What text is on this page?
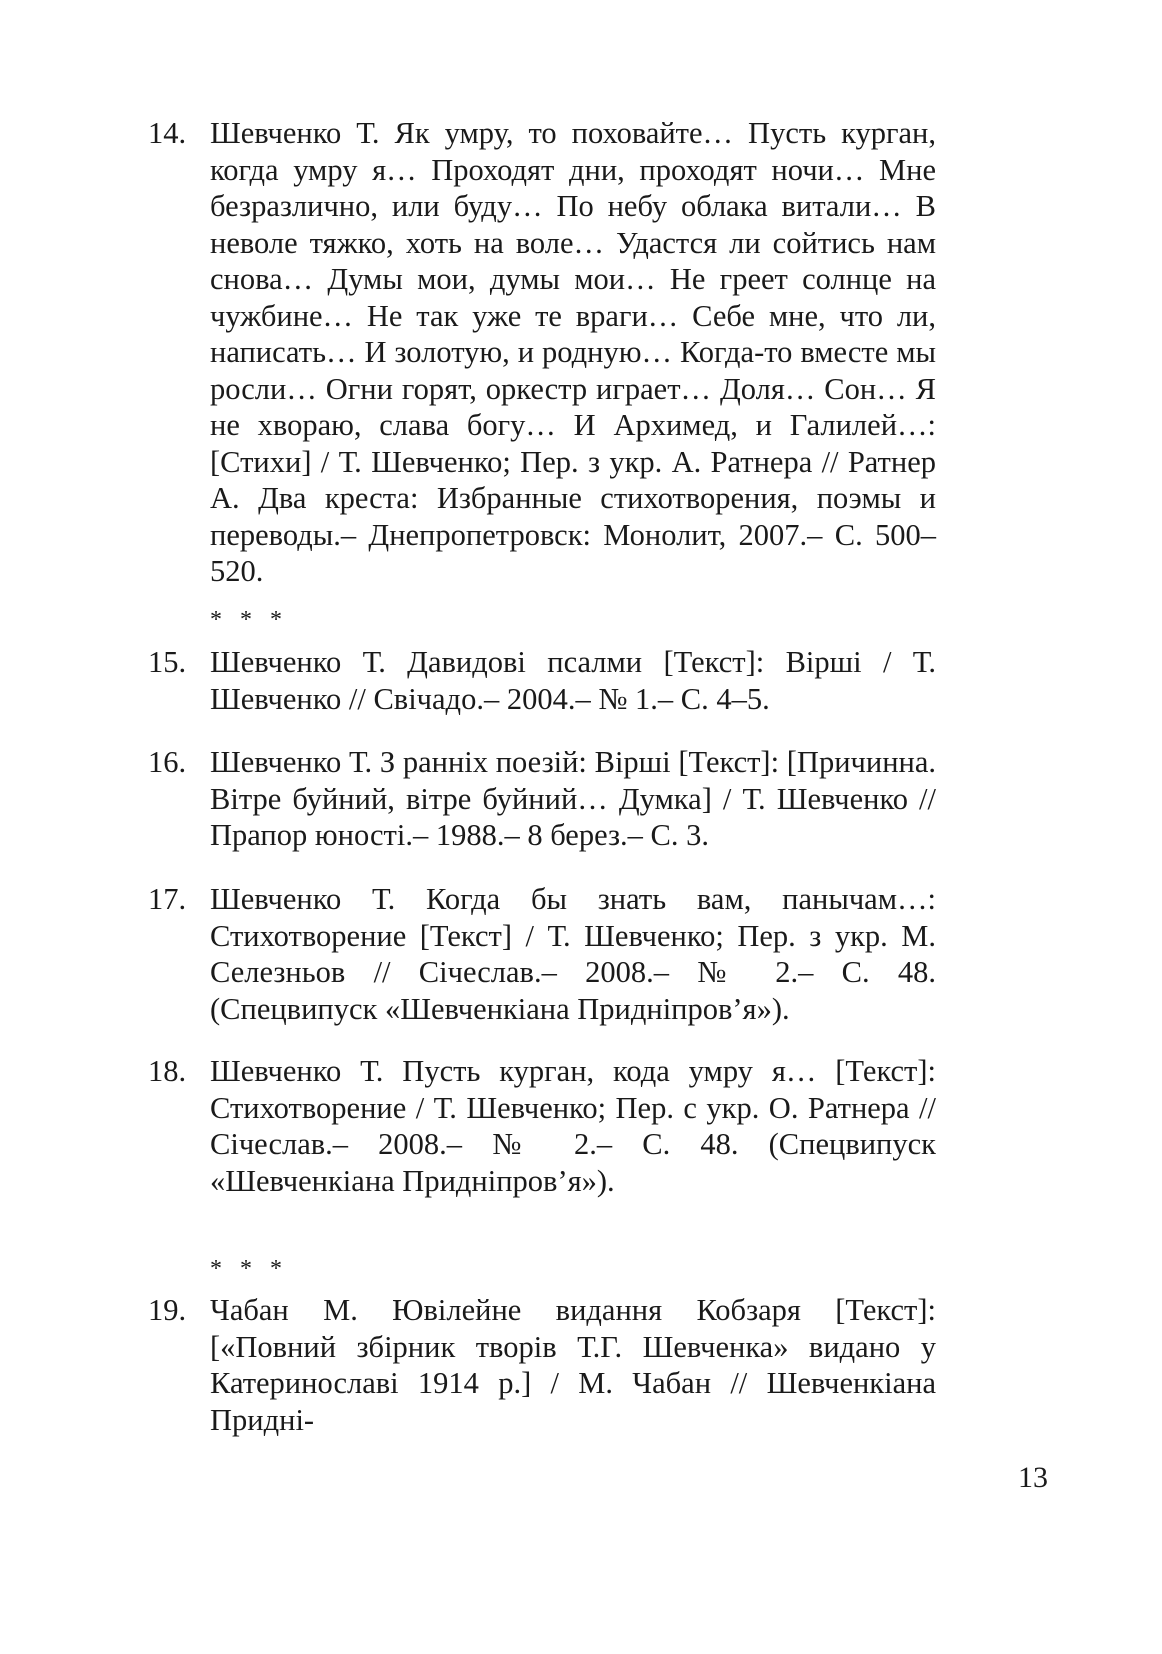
14. Шевченко Т. Як умру, то поховайте… Пусть курган, когда умру я… Проходят дни, проходят ночи… Мне безразлично, или буду… По небу облака витали… В неволе тяжко, хоть на воле… Удастся ли сойтись нам снова… Думы мои, думы мои… Не греет солнце на чужбине… Не так уже те враги… Себе мне, что ли, написать… И золотую, и родную… Когда-то вместе мы росли… Огни горят, оркестр играет… Доля… Сон… Я не хвораю, слава богу… И Архимед, и Галилей…: [Стихи] / Т. Шевченко; Пер. з укр. А. Ратнера // Ратнер А. Два креста: Избранные стихотворения, поэмы и переводы.– Днепропетровск: Монолит, 2007.– С. 500–520.
* * *
15. Шевченко Т. Давидові псалми [Текст]: Вірші / Т. Шевченко // Свічадо.– 2004.– № 1.– С. 4–5.
16. Шевченко Т. З ранніх поезій: Вірші [Текст]: [Причинна. Вітре буйний, вітре буйний… Думка] / Т. Шевченко // Прапор юності.– 1988.– 8 берез.– С. 3.
17. Шевченко Т. Когда бы знать вам, панычам…: Стихотворение [Текст] / Т. Шевченко; Пер. з укр. М. Селезньов // Січеслав.– 2008.– № 2.– С. 48. (Спецвипуск «Шевченкіана Придніпров’я»).
18. Шевченко Т. Пусть курган, кода умру я… [Текст]: Стихотворение / Т. Шевченко; Пер. с укр. О. Ратнера // Січеслав.– 2008.– № 2.– С. 48. (Спецвипуск «Шевченкіана Придніпров’я»).
* * *
19. Чабан М. Ювілейне видання Кобзаря [Текст]: [«Повний збірник творів Т.Г. Шевченка» видано у Катеринославі 1914 р.] / М. Чабан // Шевченкіана Придні-
13
